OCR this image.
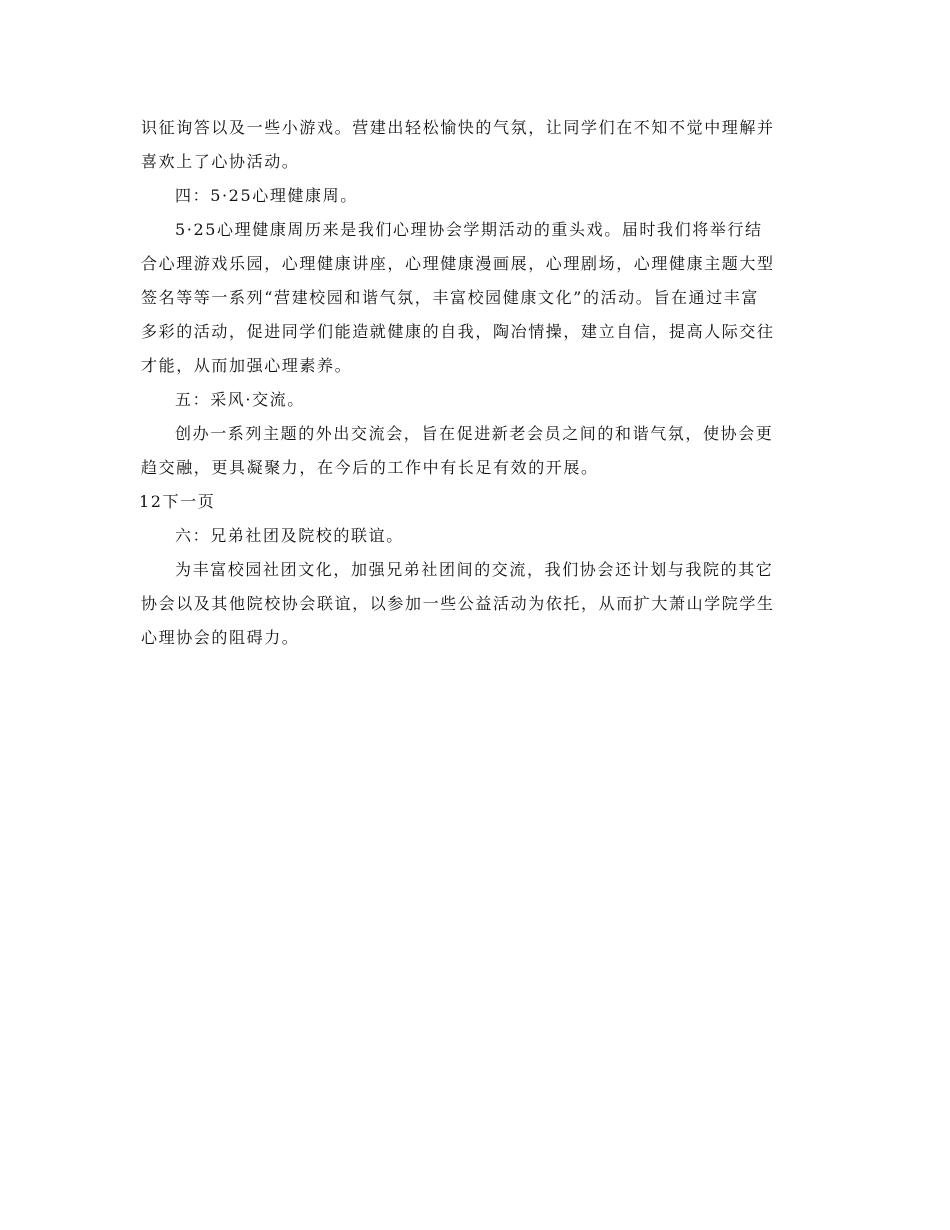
识征询答以及一些小游戏。营建出轻松愉快的气氛，让同学们在不知不觉中理解并
喜欢上了心协活动。
四：5·25心理健康周。
5·25心理健康周历来是我们心理协会学期活动的重头戏。届时我们将举行结
合心理游戏乐园，心理健康讲座，心理健康漫画展，心理剧场，心理健康主题大型
签名等等一系列“营建校园和谐气氛，丰富校园健康文化”的活动。旨在通过丰富
多彩的活动，促进同学们能造就健康的自我，陶冶情操，建立自信，提高人际交往
才能，从而加强心理素养。
五：采风·交流。
创办一系列主题的外出交流会，旨在促进新老会员之间的和谐气氛，使协会更
趋交融，更具凝聚力，在今后的工作中有长足有效的开展。
12下一页
六：兄弟社团及院校的联谊。
为丰富校园社团文化，加强兄弟社团间的交流，我们协会还计划与我院的其它
协会以及其他院校协会联谊，以参加一些公益活动为依托，从而扩大萧山学院学生
心理协会的阻碍力。
